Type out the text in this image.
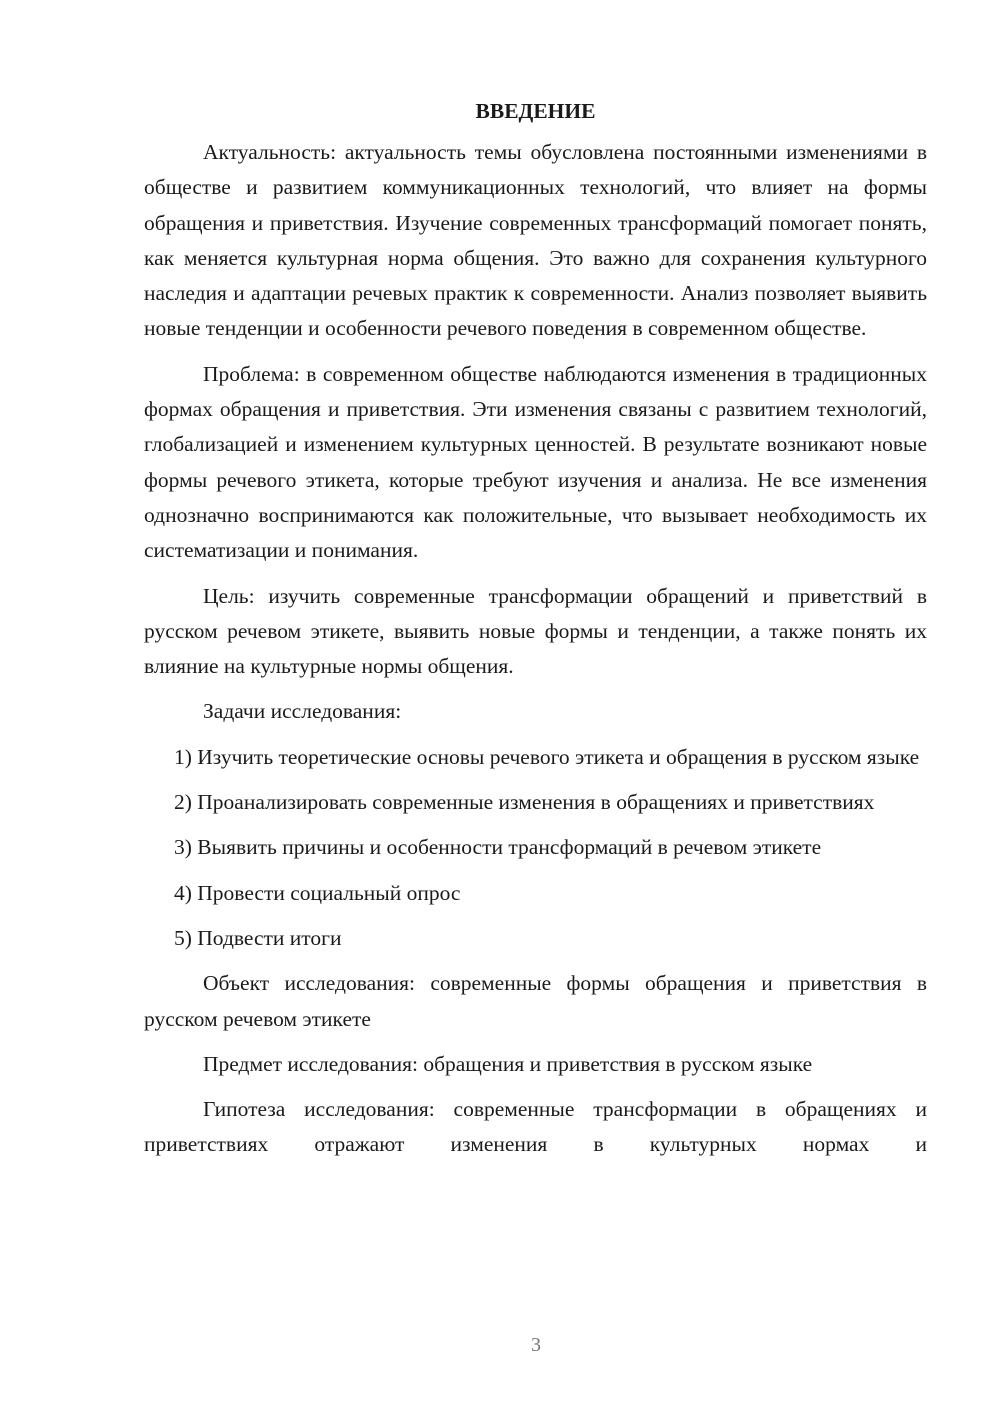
ВВЕДЕНИЕ

Актуальность: актуальность темы обусловлена постоянными изменениями в обществе и развитием коммуникационных технологий, что влияет на формы обращения и приветствия. Изучение современных трансформаций помогает понять, как меняется культурная норма общения. Это важно для сохранения культурного наследия и адаптации речевых практик к современности. Анализ позволяет выявить новые тенденции и особенности речевого поведения в современном обществе.

Проблема: в современном обществе наблюдаются изменения в традиционных формах обращения и приветствия. Эти изменения связаны с развитием технологий, глобализацией и изменением культурных ценностей. В результате возникают новые формы речевого этикета, которые требуют изучения и анализа. Не все изменения однозначно воспринимаются как положительные, что вызывает необходимость их систематизации и понимания.

Цель: изучить современные трансформации обращений и приветствий в русском речевом этикете, выявить новые формы и тенденции, а также понять их влияние на культурные нормы общения.

Задачи исследования:

1) Изучить теоретические основы речевого этикета и обращения в русском языке

2) Проанализировать современные изменения в обращениях и приветствиях

3) Выявить причины и особенности трансформаций в речевом этикете

4) Провести социальный опрос

5) Подвести итоги

Объект исследования: современные формы обращения и приветствия в русском речевом этикете

Предмет исследования: обращения и приветствия в русском языке

Гипотеза исследования: современные трансформации в обращениях и приветствиях отражают изменения в культурных нормах и

3
